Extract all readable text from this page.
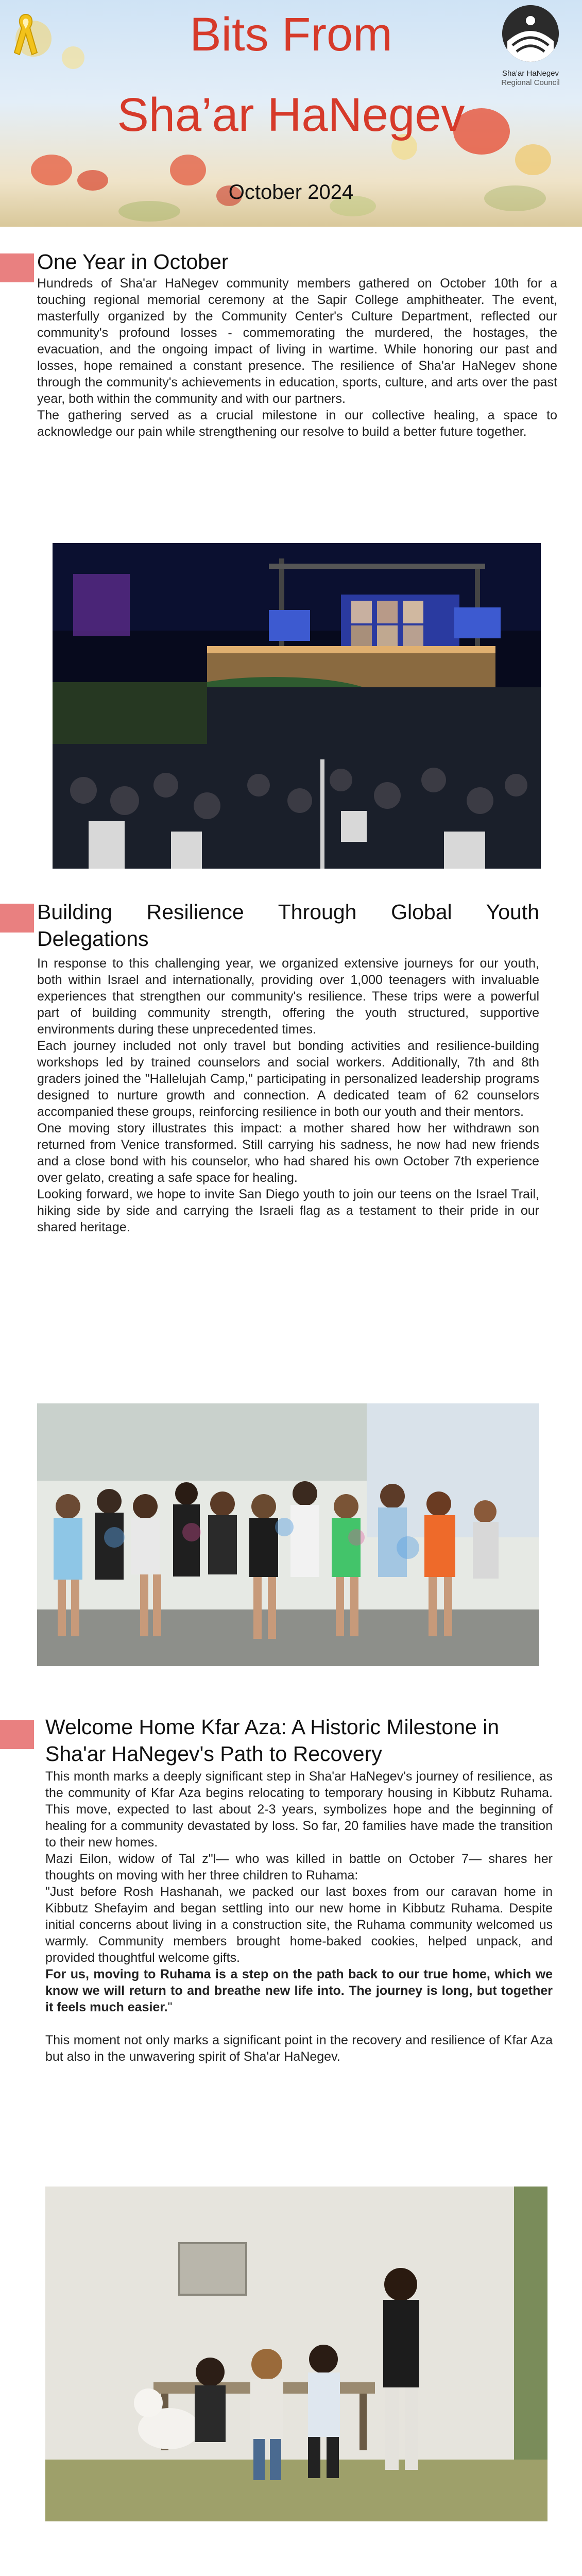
Bits From
Sha’ar HaNegev
October 2024
Sha’ar HaNegev
Regional Council
One Year in October

Hundreds of Sha'ar HaNegev community members gathered on October 10th for a touching regional memorial ceremony at the Sapir College amphitheater. The event, masterfully organized by the Community Center's Culture Department, reflected our community's profound losses - commemorating the murdered, the hostages, the evacuation, and the ongoing impact of living in wartime. While honoring our past and losses, hope remained a constant presence. The resilience of Sha'ar HaNegev shone through the community's achievements in education, sports, culture, and arts over the past year, both within the community and with our partners.

The gathering served as a crucial milestone in our collective healing, a space to acknowledge our pain while strengthening our resolve to build a better future together.

Building Resilience Through Global Youth Delegations

In response to this challenging year, we organized extensive journeys for our youth, both within Israel and internationally, providing over 1,000 teenagers with invaluable experiences that strengthen our community's resilience. These trips were a powerful part of building community strength, offering the youth structured, supportive environments during these unprecedented times.

Each journey included not only travel but bonding activities and resilience-building workshops led by trained counselors and social workers. Additionally, 7th and 8th graders joined the "Hallelujah Camp," participating in personalized leadership programs designed to nurture growth and connection. A dedicated team of 62 counselors accompanied these groups, reinforcing resilience in both our youth and their mentors.

One moving story illustrates this impact: a mother shared how her withdrawn son returned from Venice transformed. Still carrying his sadness, he now had new friends and a close bond with his counselor, who had shared his own October 7th experience over gelato, creating a safe space for healing.

Looking forward, we hope to invite San Diego youth to join our teens on the Israel Trail, hiking side by side and carrying the Israeli flag as a testament to their pride in our shared heritage.

Welcome Home Kfar Aza: A Historic Milestone in Sha'ar HaNegev's Path to Recovery

This month marks a deeply significant step in Sha'ar HaNegev's journey of resilience, as the community of Kfar Aza begins relocating to temporary housing in Kibbutz Ruhama. This move, expected to last about 2-3 years, symbolizes hope and the beginning of healing for a community devastated by loss. So far, 20 families have made the transition to their new homes.

Mazi Eilon, widow of Tal z"l— who was killed in battle on October 7— shares her thoughts on moving with her three children to Ruhama:

"Just before Rosh Hashanah, we packed our last boxes from our caravan home in Kibbutz Shefayim and began settling into our new home in Kibbutz Ruhama. Despite initial concerns about living in a construction site, the Ruhama community welcomed us warmly. Community members brought home-baked cookies, helped unpack, and provided thoughtful welcome gifts.

For us, moving to Ruhama is a step on the path back to our true home, which we know we will return to and breathe new life into. The journey is long, but together it feels much easier."

This moment not only marks a significant point in the recovery and resilience of Kfar Aza but also in the unwavering spirit of Sha'ar HaNegev.
